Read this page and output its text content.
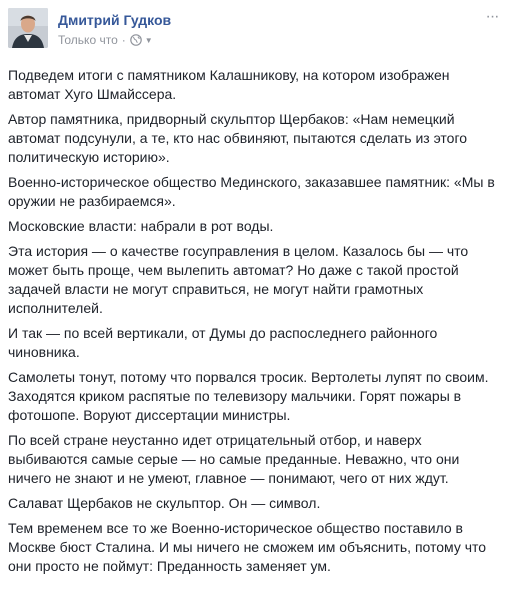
Дмитрий Гудков
Только что · ▼
···

Подведем итоги с памятником Калашникову, на котором изображен автомат Хуго Шмайссера.

Автор памятника, придворный скульптор Щербаков: «Нам немецкий автомат подсунули, а те, кто нас обвиняют, пытаются сделать из этого политическую историю».

Военно-историческое общество Мединского, заказавшее памятник: «Мы в оружии не разбираемся».

Московские власти: набрали в рот воды.

Эта история — о качестве госуправления в целом. Казалось бы — что может быть проще, чем вылепить автомат? Но даже с такой простой задачей власти не могут справиться, не могут найти грамотных исполнителей.

И так — по всей вертикали, от Думы до распоследнего районного чиновника.

Самолеты тонут, потому что порвался тросик. Вертолеты лупят по своим. Заходятся криком распятые по телевизору мальчики. Горят пожары в фотошопе. Воруют диссертации министры.

По всей стране неустанно идет отрицательный отбор, и наверх выбиваются самые серые — но самые преданные. Неважно, что они ничего не знают и не умеют, главное — понимают, чего от них ждут.

Салават Щербаков не скульптор. Он — символ.

Тем временем все то же Военно-историческое общество поставило в Москве бюст Сталина. И мы ничего не сможем им объяснить, потому что они просто не поймут: Преданность заменяет ум.
